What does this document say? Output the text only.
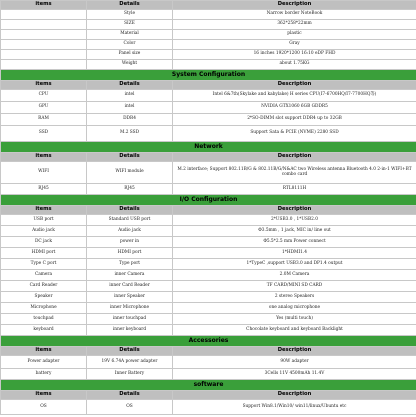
items	Details	Description
	Style	Narrow border NoteBook
	SIZE	362*258*22mm
	Material	plastic
	Color	Gray
	Panel size	16 inches 1920*1200 16:10 eDP FHD
	Weight	about 1.75KG
System Configuration		
items	Details	Description
CPU	intel	Intel 6&7th(Skylake and kabylake) H series CPU(I7-6700HQ/I7-7700HQ等)
GPU	intel	NVIDIA GTX1060 6GB GDDR5
RAM	DDR4	2*SO-DIMM slot support DDR4 up to 32GB
SSD	M.2 SSD	Support Sata & PCIE (NVME) 2280 SSD
Network		
items	Details	Description
WIFI	WIFI module	M.2 interface; Support 802.11B/G & 802.11B/G/N&AC two Wireless antenna Bluetooth 4.0 2-in-1 WIFI+BT combo card
RJ45	RJ45	RTL8111H
I/O Configuration		
items	Details	Description
USB port	Standard USB port	2*USB3.0 , 1*USB2.0
Audio jack	Audio jack	Φ3.5mm , 1 jack, MIC in/ line out
DC jack	power in	Φ5.5*2.5 mm Power connect
HDMI port	HDMI port	1*HDMI1.4
Type C port	Type port	1*TypeC ,support USB3.0 and DP1.4 output
Camera	inner Camera	2.0M Camera
Card Reader	inner Card Reader	TF CARD/MINI SD CARD
Speaker	inner Speaker	2 stereo Speakers
Microphone	inner Microphone	one analog microphone
touchpad	inner touchpad	Yes (multi touch)
keyboard	inner keyboard	Chocolate keyboard and keyboard Backlight
Accessories		
items	Details	Description
Power adapter	19V 6.74A power adapter	90W adapter
battery	Inner Battery	3Cells 11V 4500mAh 11.4V
software		
items	Details	Description
OS	OS	Support Win8.1/Win10/ win11/linux/Ubuntu etc
